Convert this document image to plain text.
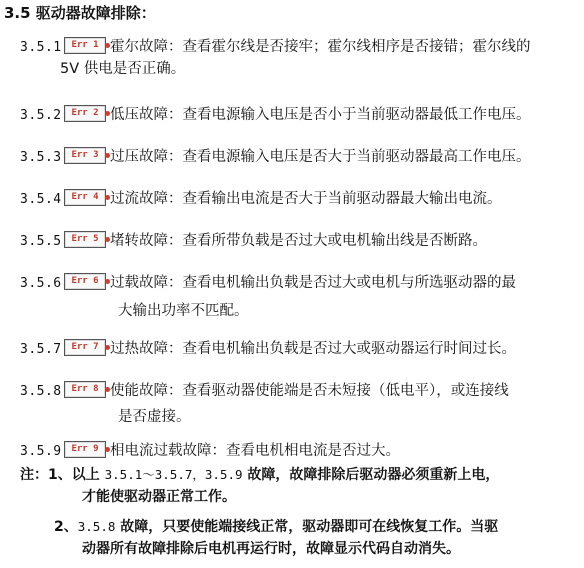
3.5 驱动器故障排除：
3.5.1 Err 1 霍尔故障：查看霍尔线是否接牢；霍尔线相序是否接错；霍尔线的
5V 供电是否正确。
3.5.2 Err 2 低压故障：查看电源输入电压是否小于当前驱动器最低工作电压。
3.5.3 Err 3 过压故障：查看电源输入电压是否大于当前驱动器最高工作电压。
3.5.4 Err 4 过流故障：查看输出电流是否大于当前驱动器最大输出电流。
3.5.5 Err 5 堵转故障：查看所带负载是否过大或电机输出线是否断路。
3.5.6 Err 6 过载故障：查看电机输出负载是否过大或电机与所选驱动器的最
大输出功率不匹配。
3.5.7 Err 7 过热故障：查看电机输出负载是否过大或驱动器运行时间过长。
3.5.8 Err 8 使能故障：查看驱动器使能端是否未短接（低电平），或连接线
是否虚接。
3.5.9 Err 9 相电流过载故障：查看电机相电流是否过大。
注：1、以上 3.5.1～3.5.7，3.5.9 故障，故障排除后驱动器必须重新上电，
才能使驱动器正常工作。
2、3.5.8 故障，只要使能端接线正常，驱动器即可在线恢复工作。当驱
动器所有故障排除后电机再运行时，故障显示代码自动消失。
